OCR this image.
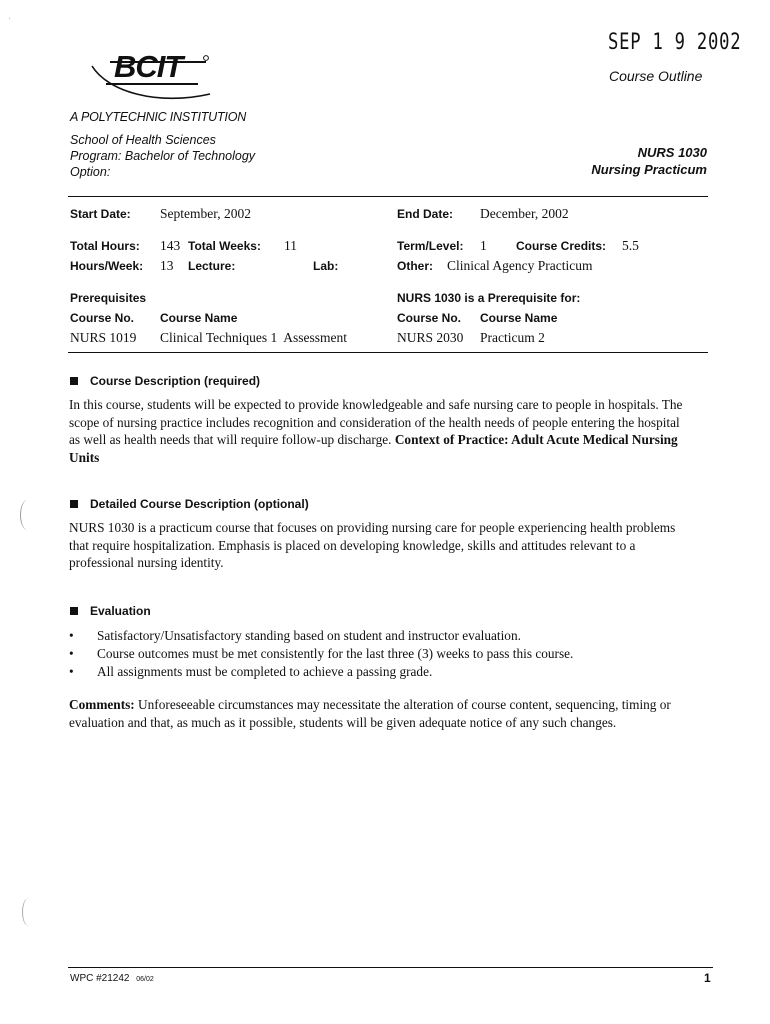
·
SEP 1 9 2002
Course Outline
BCIT
A POLYTECHNIC INSTITUTION
School of Health Sciences
Program: Bachelor of Technology
Option:
NURS 1030
Nursing Practicum
Start Date: September, 2002	End Date: December, 2002
Total Hours: 143 Total Weeks: 11	Term/Level: 1 Course Credits: 5.5
Hours/Week: 13 Lecture:	Lab:	Other: Clinical Agency Practicum
Prerequisites
Course No. Course Name
NURS 1019 Clinical Techniques 1  Assessment
NURS 1030 is a Prerequisite for:
Course No. Course Name
NURS 2030 Practicum 2
Course Description (required)
In this course, students will be expected to provide knowledgeable and safe nursing care to people in hospitals. The
scope of nursing practice includes recognition and consideration of the health needs of people entering the hospital
as well as health needs that will require follow-up discharge. Context of Practice: Adult Acute Medical Nursing
Units
Detailed Course Description (optional)
NURS 1030 is a practicum course that focuses on providing nursing care for people experiencing health problems
that require hospitalization. Emphasis is placed on developing knowledge, skills and attitudes relevant to a
professional nursing identity.
Evaluation
• Satisfactory/Unsatisfactory standing based on student and instructor evaluation.
• Course outcomes must be met consistently for the last three (3) weeks to pass this course.
• All assignments must be completed to achieve a passing grade.
Comments: Unforeseeable circumstances may necessitate the alteration of course content, sequencing, timing or
evaluation and that, as much as it possible, students will be given adequate notice of any such changes.
WPC #21242 06/02	1
